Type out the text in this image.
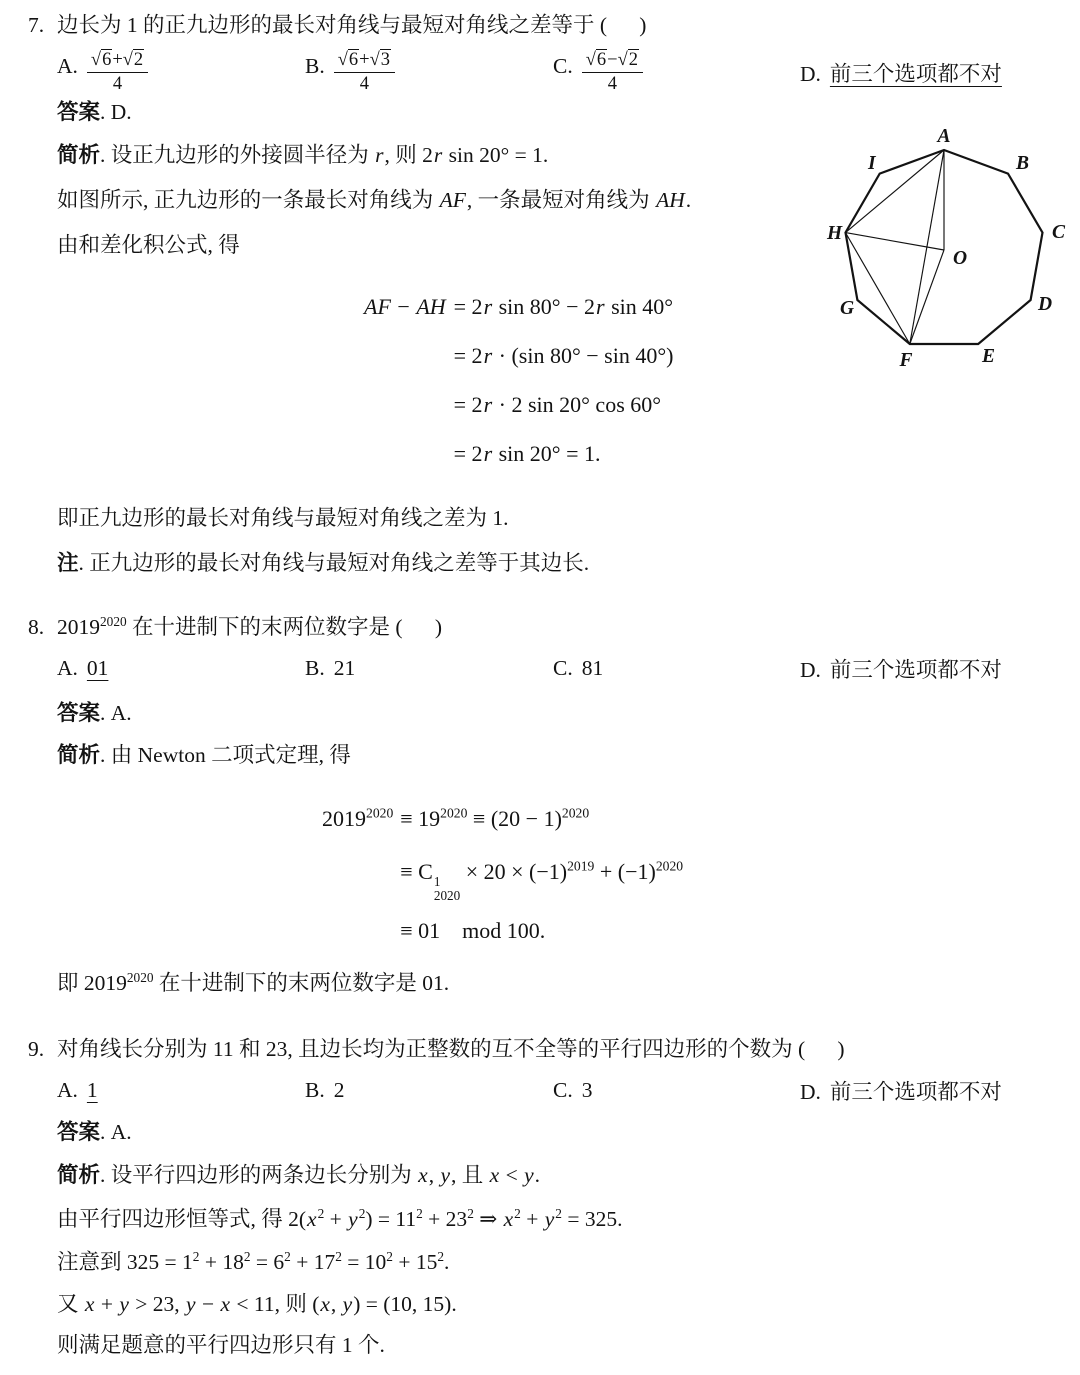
7. 边长为 1 的正九边形的最长对角线与最短对角线之差等于 (  )
A. $\frac{√6+√2}{4}$	B. $\frac{√6+√3}{4}$	C. $\frac{√6-√2}{4}$	D. 前三个选项都不对
答案. D.
简析. 设正九边形的外接圆半径为 r, 则 2r sin 20° = 1.
如图所示, 正九边形的一条最长对角线为 AF, 一条最短对角线为 AH.
由和差化积公式, 得
AF − AH = 2r sin 80° − 2r sin 40°
= 2r · (sin 80° − sin 40°)
= 2r · 2 sin 20° cos 60°
= 2r sin 20° = 1.
A
B
C
D
E
F
G
H
I
O
即正九边形的最长对角线与最短对角线之差为 1.
注. 正九边形的最长对角线与最短对角线之差等于其边长.
8. $2019^{2020}$ 在十进制下的末两位数字是 (  )
A. 01	B. 21	C. 81	D. 前三个选项都不对
答案. A.
简析. 由 Newton 二项式定理, 得
$2019^{2020} \equiv 19^{2020} \equiv (20 - 1)^{2020}$
≡ C 1
2020
× $20 \times (-1)^{2019} + (-1)^{2020}$
≡ 01 mod 100.
即 $2019^{2020}$ 在十进制下的末两位数字是 01.
9. 对角线长分别为 11 和 23, 且边长均为正整数的互不全等的平行四边形的个数为 (  )
A. 1	B. 2	C. 3	D. 前三个选项都不对
答案. A.
简析. 设平行四边形的两条边长分别为 x, y, 且 x < y.
由平行四边形恒等式, 得 $2(x^2 + y^2) = 11^2 + 23^2$ ⇒ $x^2 + y^2 = 325$.
注意到 $325 = 1^2 + 18^2 = 6^2 + 17^2 = 10^2 + 15^2$.
又 x + y > 23, y − x < 11, 则 (x, y) = (10, 15).
则满足题意的平行四边形只有 1 个.
